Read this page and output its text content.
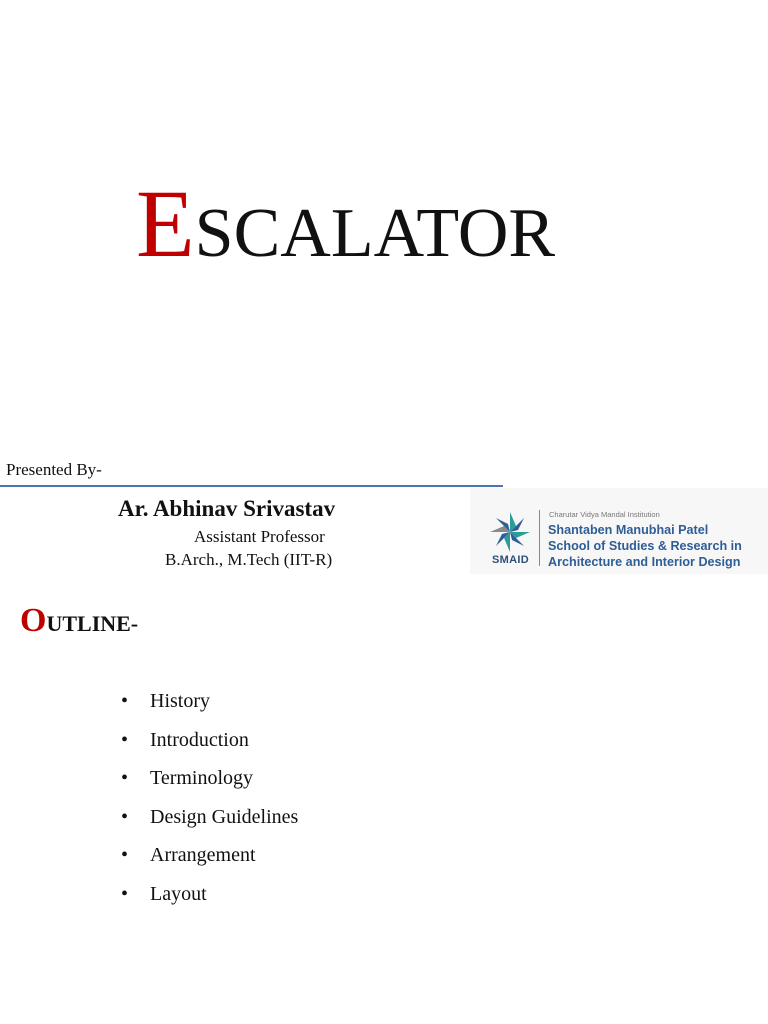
ESCALATOR
Presented By-
Ar. Abhinav Srivastav
Assistant Professor
B.Arch., M.Tech (IIT-R)	SMAID
Charutar Vidya Mandal Institution
Shantaben Manubhai Patel
School of Studies & Research in
Architecture and Interior Design
OUTLINE-
• History
• Introduction
• Terminology
• Design Guidelines
• Arrangement
• Layout
